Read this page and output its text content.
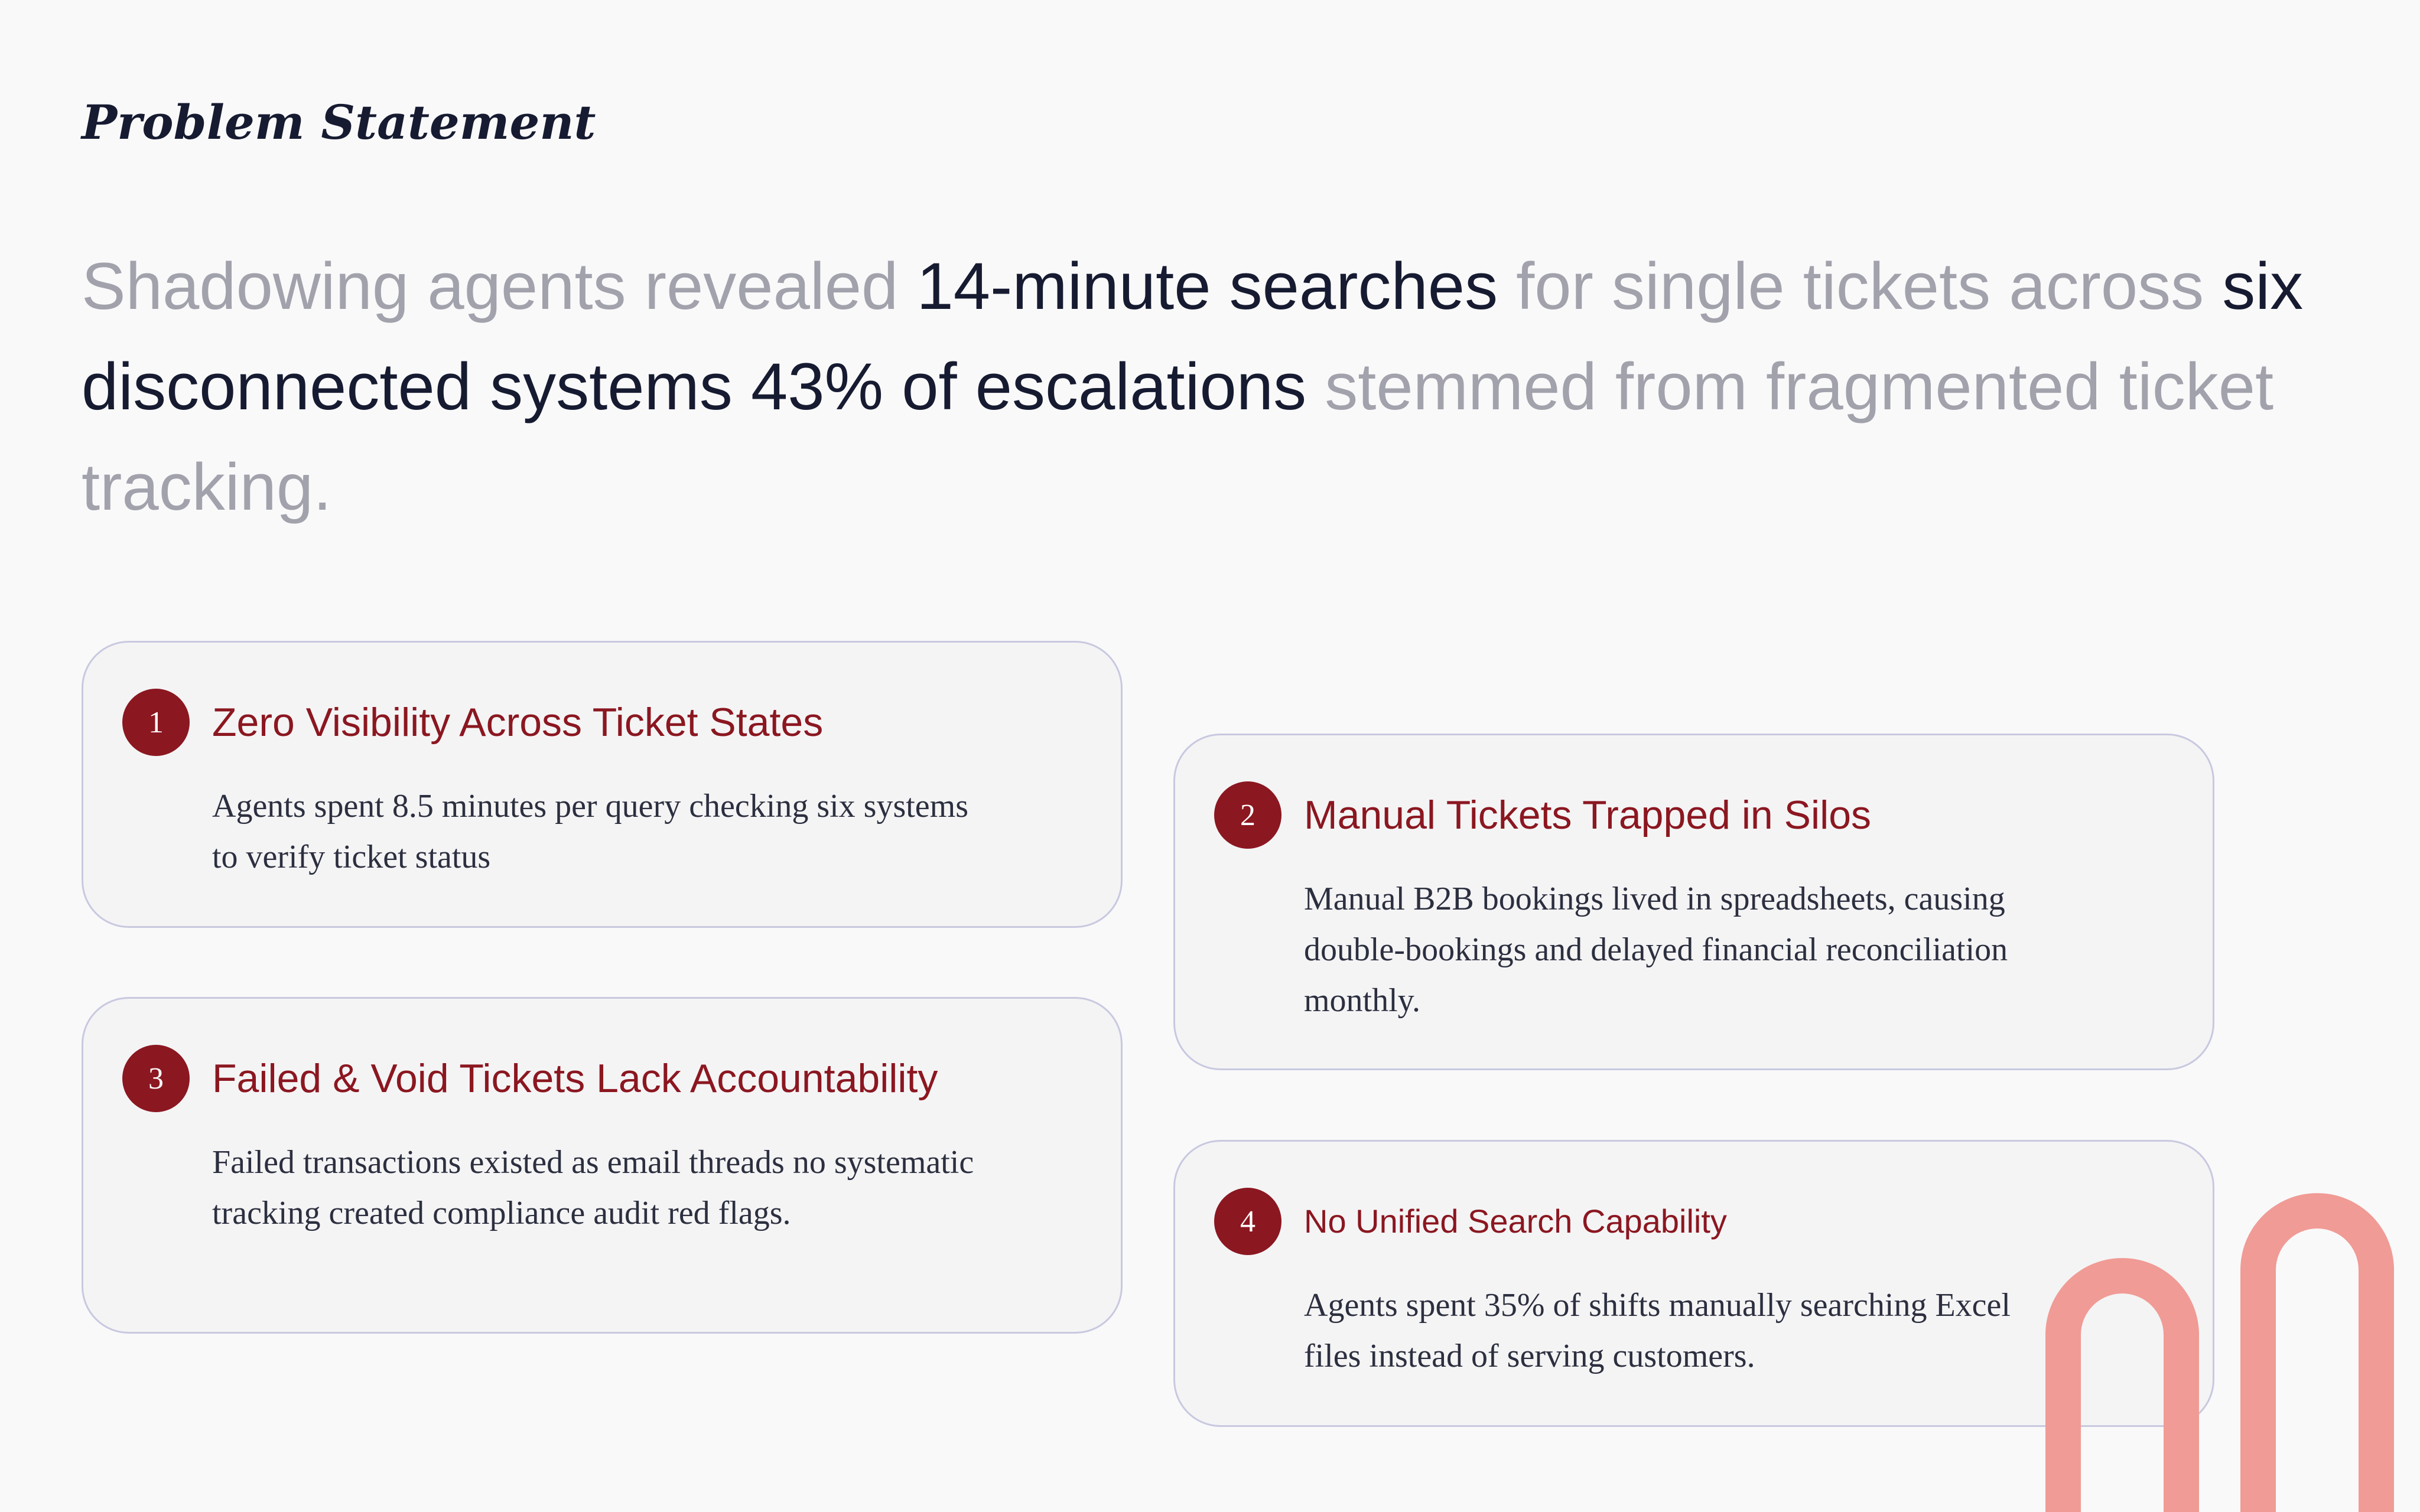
Problem Statement

Shadowing agents revealed 14-minute searches for single tickets across six disconnected systems 43% of escalations stemmed from fragmented ticket tracking.

1	Zero Visibility Across Ticket States

Agents spent 8.5 minutes per query checking six systems to verify ticket status

2	Manual Tickets Trapped in Silos

Manual B2B bookings lived in spreadsheets, causing double-bookings and delayed financial reconciliation monthly.

3	Failed & Void Tickets Lack Accountability

Failed transactions existed as email threads no systematic tracking created compliance audit red flags.	4	No Unified Search Capability

Agents spent 35% of shifts manually searching Excel files instead of serving customers.
